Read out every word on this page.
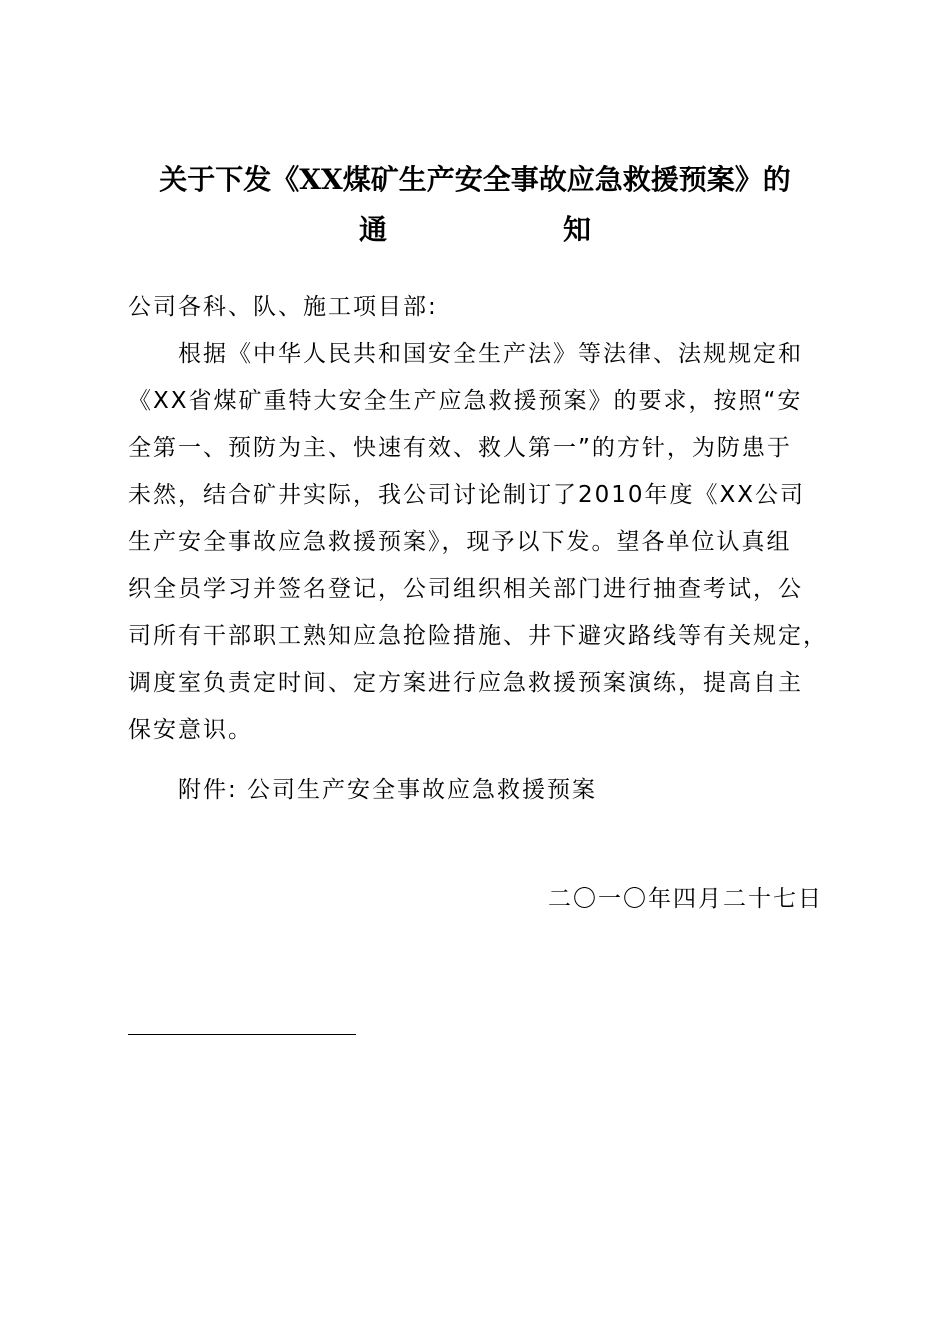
关于下发《XX煤矿生产安全事故应急救援预案》的
通	知
公司各科、队、施工项目部:
根据《中华人民共和国安全生产法》等法律、法规规定和
《XX省煤矿重特大安全生产应急救援预案》的要求，按照“安
全第一、预防为主、快速有效、救人第一”的方针，为防患于
未然，结合矿井实际，我公司讨论制订了2010年度《XX公司
生产安全事故应急救援预案》，现予以下发。望各单位认真组
织全员学习并签名登记，公司组织相关部门进行抽查考试，公
司所有干部职工熟知应急抢险措施、井下避灾路线等有关规定，
调度室负责定时间、定方案进行应急救援预案演练，提高自主
保安意识。
附件: 公司生产安全事故应急救援预案
二〇一〇年四月二十七日
